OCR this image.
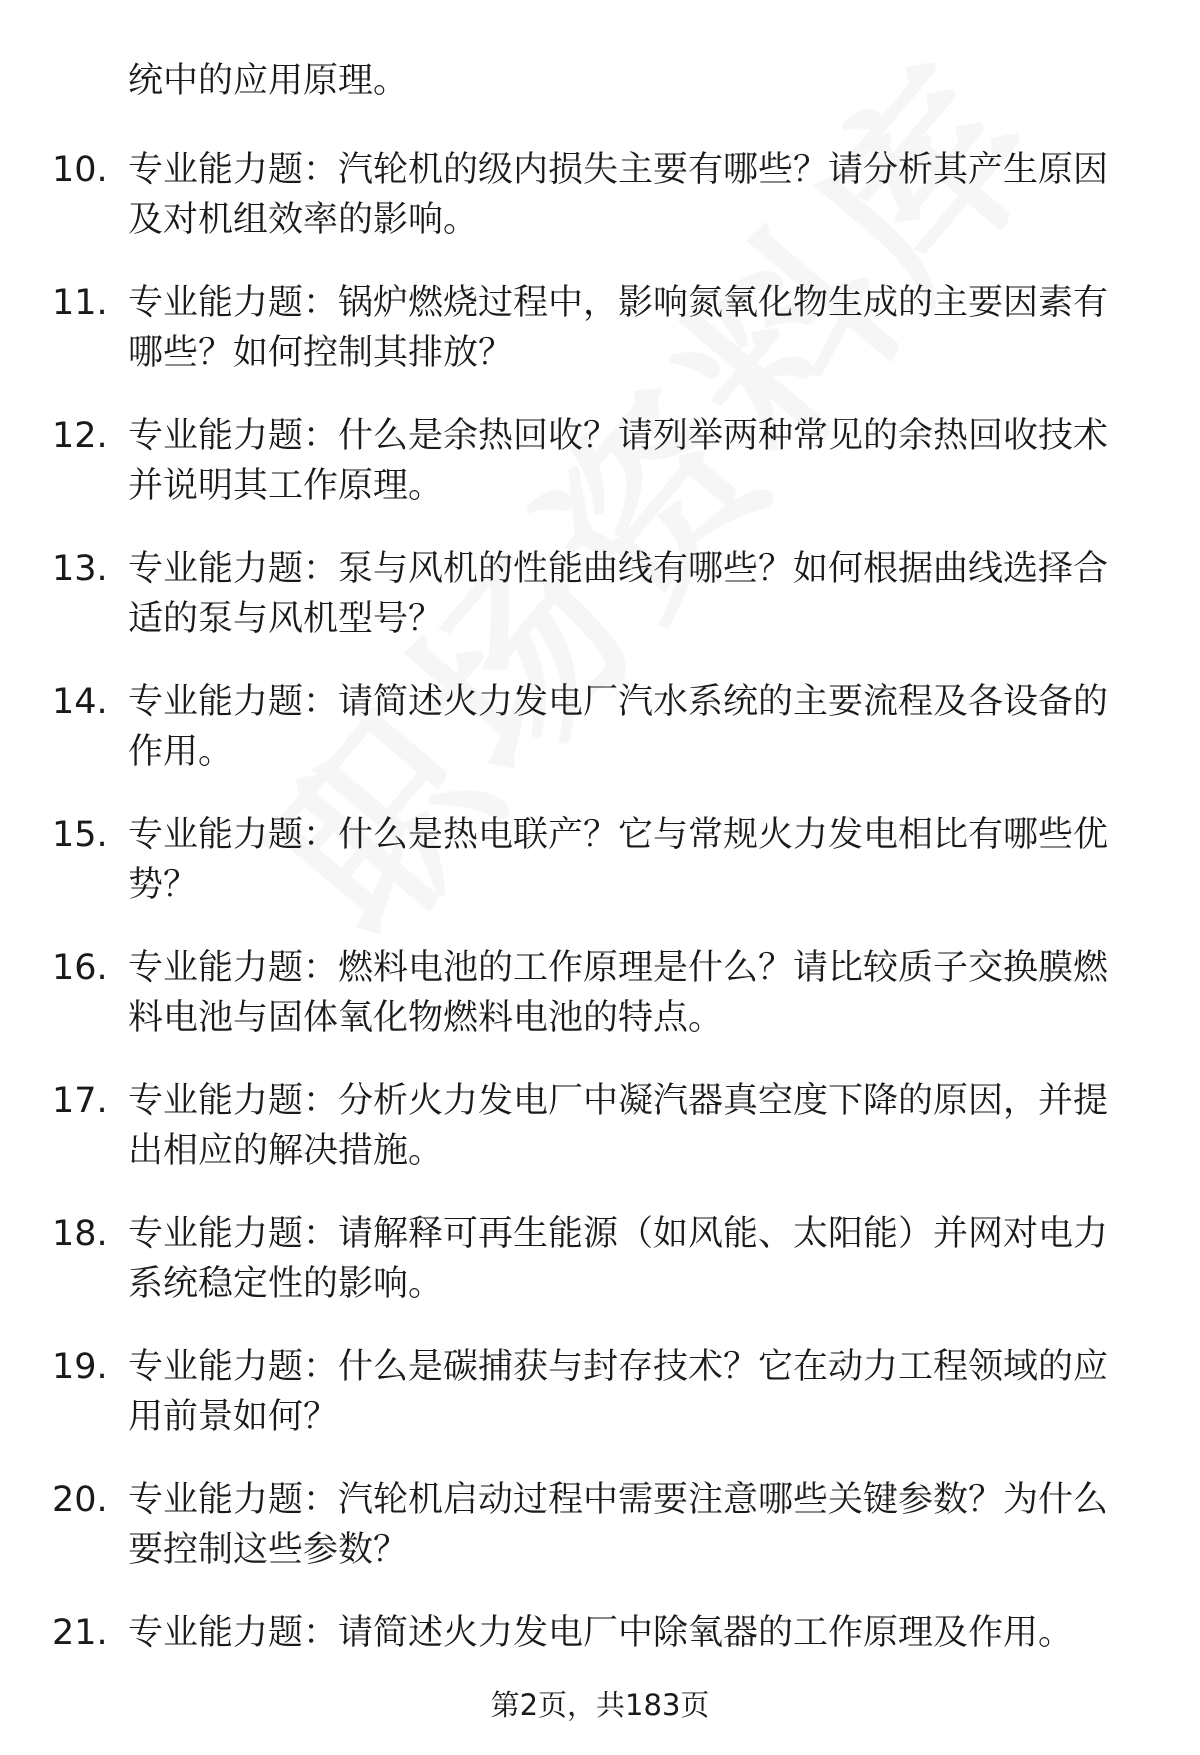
统中的应用原理。
10. 专业能力题：汽轮机的级内损失主要有哪些？请分析其产生原因及对机组效率的影响。
11. 专业能力题：锅炉燃烧过程中，影响氮氧化物生成的主要因素有哪些？如何控制其排放？
12. 专业能力题：什么是余热回收？请列举两种常见的余热回收技术并说明其工作原理。
13. 专业能力题：泵与风机的性能曲线有哪些？如何根据曲线选择合适的泵与风机型号？
14. 专业能力题：请简述火力发电厂汽水系统的主要流程及各设备的作用。
15. 专业能力题：什么是热电联产？它与常规火力发电相比有哪些优势？
16. 专业能力题：燃料电池的工作原理是什么？请比较质子交换膜燃料电池与固体氧化物燃料电池的特点。
17. 专业能力题：分析火力发电厂中凝汽器真空度下降的原因，并提出相应的解决措施。
18. 专业能力题：请解释可再生能源（如风能、太阳能）并网对电力系统稳定性的影响。
19. 专业能力题：什么是碳捕获与封存技术？它在动力工程领域的应用前景如何？
20. 专业能力题：汽轮机启动过程中需要注意哪些关键参数？为什么要控制这些参数？
21. 专业能力题：请简述火力发电厂中除氧器的工作原理及作用。
第2页，共183页
